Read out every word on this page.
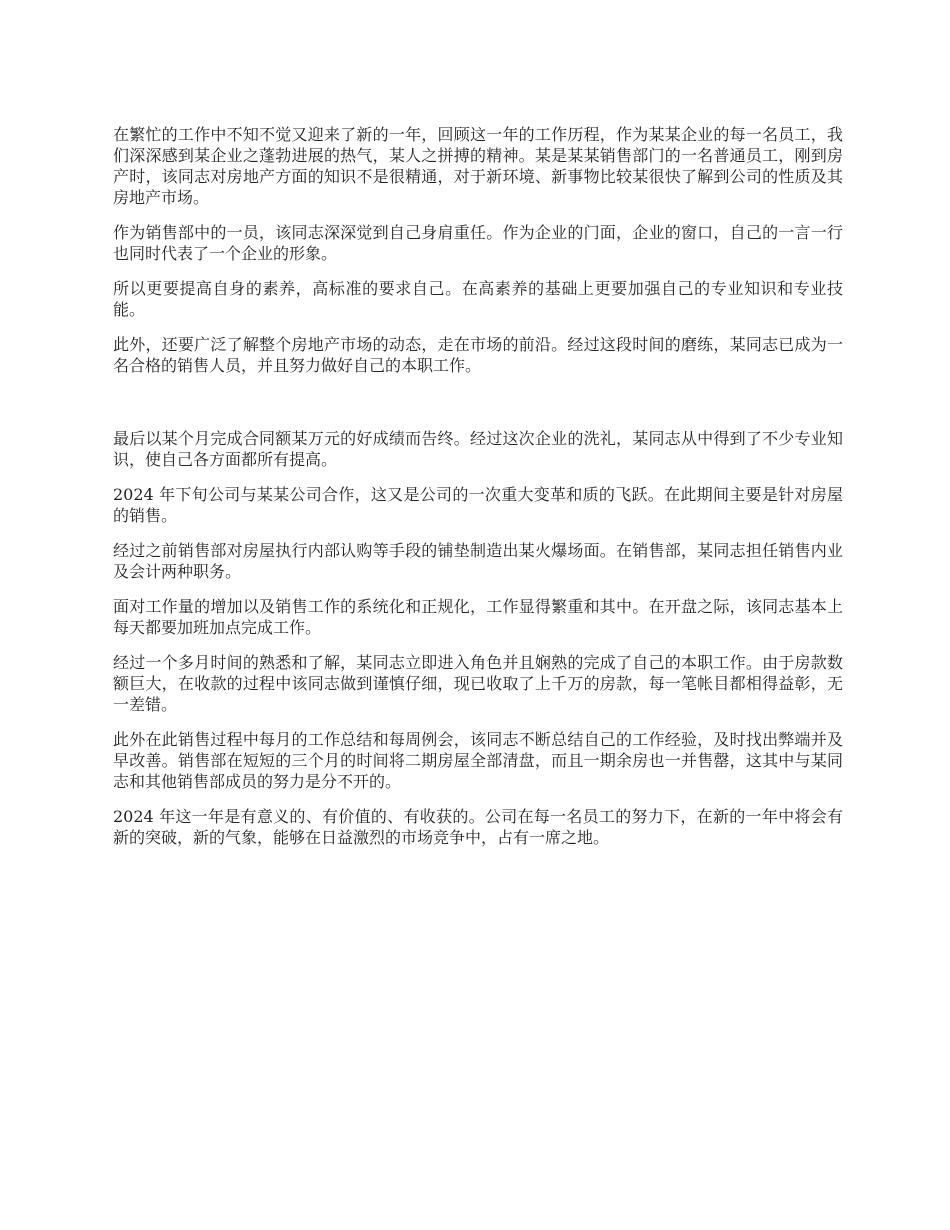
在繁忙的工作中不知不觉又迎来了新的一年，回顾这一年的工作历程，作为某某企业的每一名员工，我们深深感到某企业之蓬勃进展的热气，某人之拼搏的精神。某是某某销售部门的一名普通员工，刚到房产时，该同志对房地产方面的知识不是很精通，对于新环境、新事物比较某很快了解到公司的性质及其房地产市场。

作为销售部中的一员，该同志深深觉到自己身肩重任。作为企业的门面，企业的窗口，自己的一言一行也同时代表了一个企业的形象。

所以更要提高自身的素养，高标准的要求自己。在高素养的基础上更要加强自己的专业知识和专业技能。

此外，还要广泛了解整个房地产市场的动态，走在市场的前沿。经过这段时间的磨练，某同志已成为一名合格的销售人员，并且努力做好自己的本职工作。

最后以某个月完成合同额某万元的好成绩而告终。经过这次企业的洗礼，某同志从中得到了不少专业知识，使自己各方面都所有提高。

2024 年下旬公司与某某公司合作，这又是公司的一次重大变革和质的飞跃。在此期间主要是针对房屋的销售。

经过之前销售部对房屋执行内部认购等手段的铺垫制造出某火爆场面。在销售部，某同志担任销售内业及会计两种职务。

面对工作量的增加以及销售工作的系统化和正规化，工作显得繁重和其中。在开盘之际，该同志基本上每天都要加班加点完成工作。

经过一个多月时间的熟悉和了解，某同志立即进入角色并且娴熟的完成了自己的本职工作。由于房款数额巨大，在收款的过程中该同志做到谨慎仔细，现已收取了上千万的房款，每一笔帐目都相得益彰，无一差错。

此外在此销售过程中每月的工作总结和每周例会，该同志不断总结自己的工作经验，及时找出弊端并及早改善。销售部在短短的三个月的时间将二期房屋全部清盘，而且一期余房也一并售罄，这其中与某同志和其他销售部成员的努力是分不开的。

2024 年这一年是有意义的、有价值的、有收获的。公司在每一名员工的努力下，在新的一年中将会有新的突破，新的气象，能够在日益激烈的市场竞争中，占有一席之地。
